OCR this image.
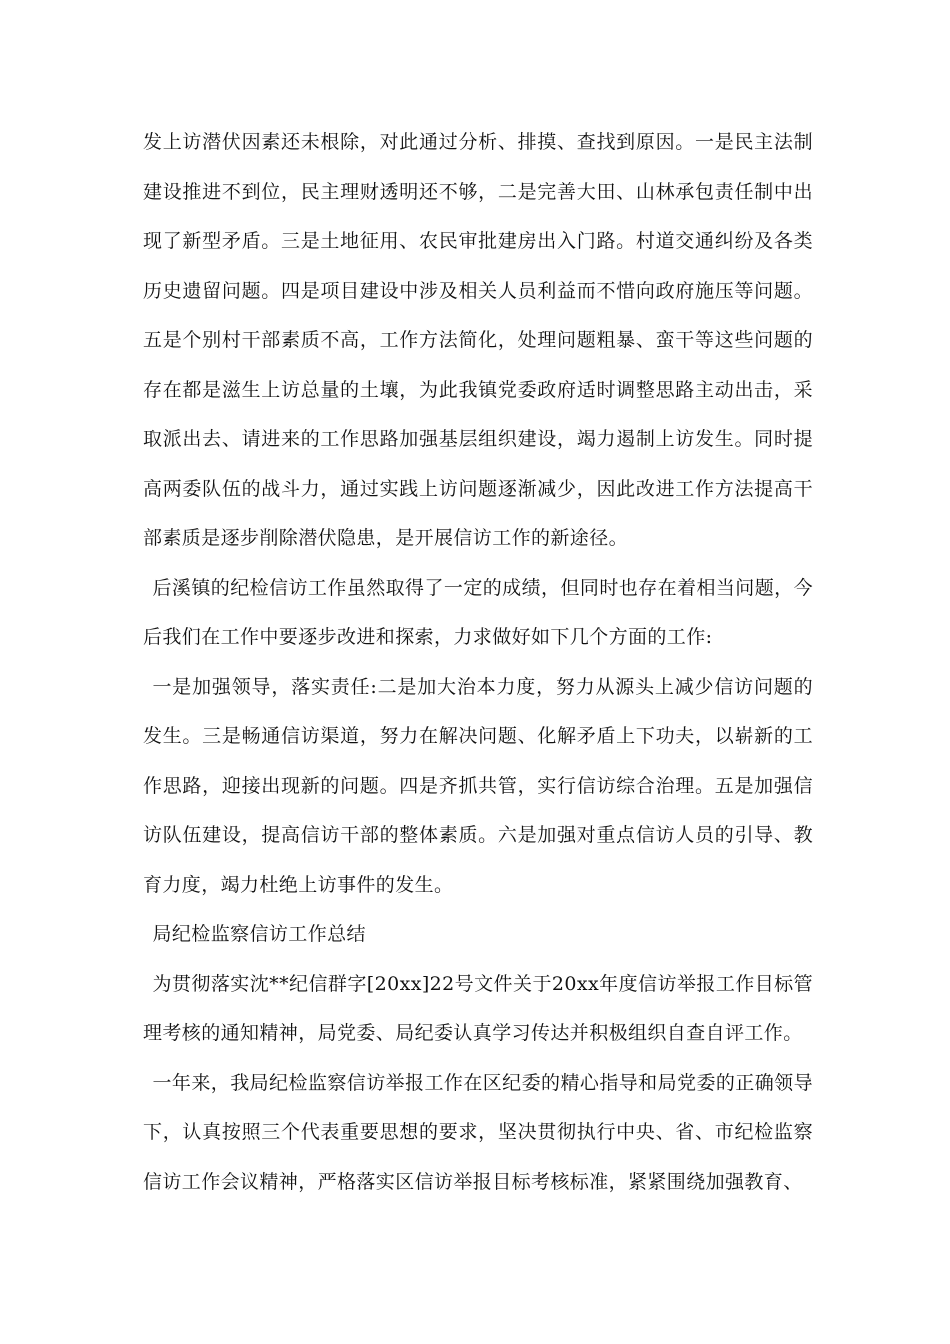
发上访潜伏因素还未根除，对此通过分析、排摸、查找到原因。一是民主法制建设推进不到位，民主理财透明还不够，二是完善大田、山林承包责任制中出现了新型矛盾。三是土地征用、农民审批建房出入门路。村道交通纠纷及各类历史遗留问题。四是项目建设中涉及相关人员利益而不惜向政府施压等问题。五是个别村干部素质不高，工作方法简化，处理问题粗暴、蛮干等这些问题的存在都是滋生上访总量的土壤，为此我镇党委政府适时调整思路主动出击，采取派出去、请进来的工作思路加强基层组织建设，竭力遏制上访发生。同时提高两委队伍的战斗力，通过实践上访问题逐渐减少，因此改进工作方法提高干部素质是逐步削除潜伏隐患，是开展信访工作的新途径。

后溪镇的纪检信访工作虽然取得了一定的成绩，但同时也存在着相当问题，今后我们在工作中要逐步改进和探索，力求做好如下几个方面的工作:

一是加强领导，落实责任:二是加大治本力度，努力从源头上减少信访问题的发生。三是畅通信访渠道，努力在解决问题、化解矛盾上下功夫，以崭新的工作思路，迎接出现新的问题。四是齐抓共管，实行信访综合治理。五是加强信访队伍建设，提高信访干部的整体素质。六是加强对重点信访人员的引导、教育力度，竭力杜绝上访事件的发生。

局纪检监察信访工作总结

为贯彻落实沈**纪信群字[20xx]22号文件关于20xx年度信访举报工作目标管理考核的通知精神，局党委、局纪委认真学习传达并积极组织自查自评工作。

一年来，我局纪检监察信访举报工作在区纪委的精心指导和局党委的正确领导下，认真按照三个代表重要思想的要求，坚决贯彻执行中央、省、市纪检监察信访工作会议精神，严格落实区信访举报目标考核标准，紧紧围绕加强教育、
